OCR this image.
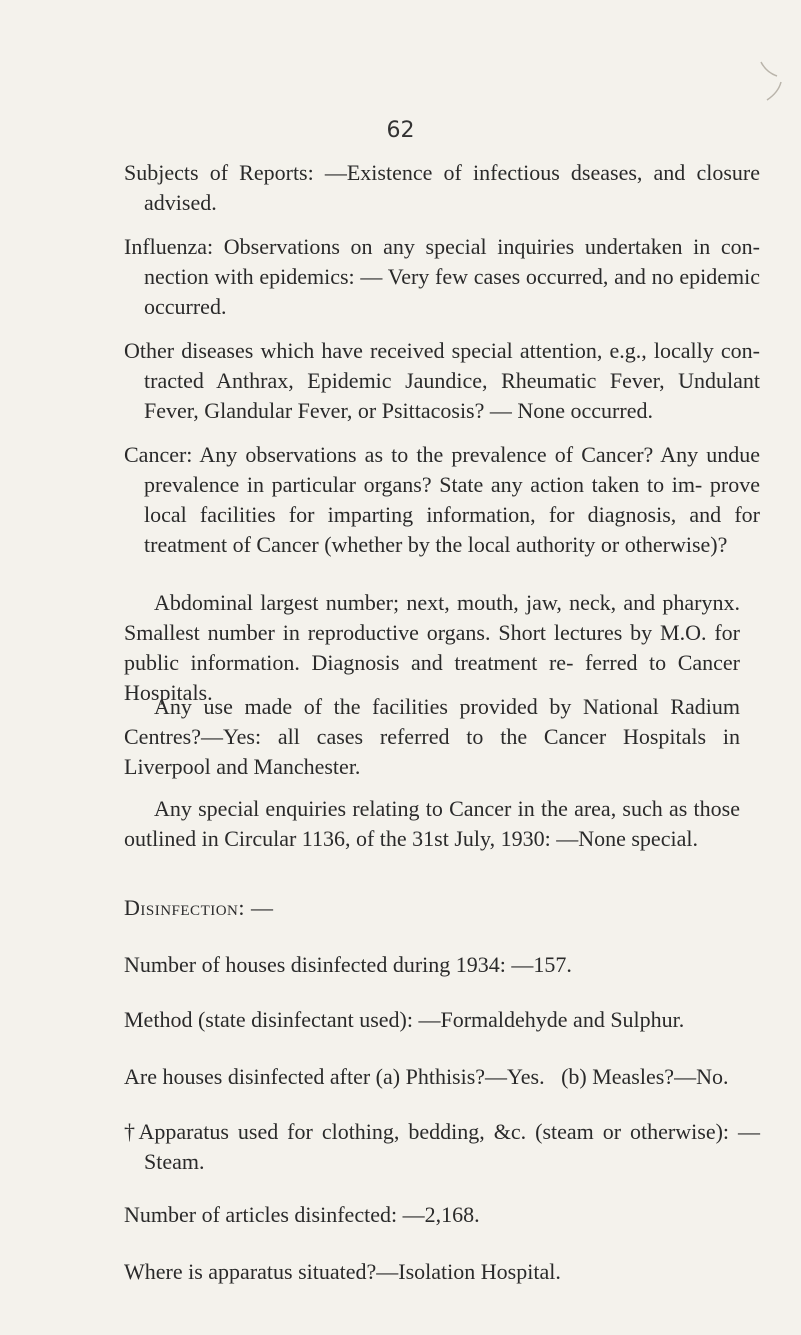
62

Subjects of Reports: —Existence of infectious dseases, and closure advised.

Influenza: Observations on any special inquiries undertaken in con- nection with epidemics: — Very few cases occurred, and no epidemic occurred.

Other diseases which have received special attention, e.g., locally con- tracted Anthrax, Epidemic Jaundice, Rheumatic Fever, Undulant Fever, Glandular Fever, or Psittacosis? — None occurred.

Cancer: Any observations as to the prevalence of Cancer? Any undue prevalence in particular organs? State any action taken to im- prove local facilities for imparting information, for diagnosis, and for treatment of Cancer (whether by the local authority or otherwise)?

Abdominal largest number; next, mouth, jaw, neck, and pharynx. Smallest number in reproductive organs. Short lectures by M.O. for public information. Diagnosis and treatment re- ferred to Cancer Hospitals.

Any use made of the facilities provided by National Radium Centres?—Yes: all cases referred to the Cancer Hospitals in Liverpool and Manchester.

Any special enquiries relating to Cancer in the area, such as those outlined in Circular 1136, of the 31st July, 1930: —None special.

Disinfection: —

Number of houses disinfected during 1934: —157.

Method (state disinfectant used): —Formaldehyde and Sulphur.

Are houses disinfected after (a) Phthisis?—Yes.   (b) Measles?—No.

†Apparatus used for clothing, bedding, &c. (steam or otherwise): — Steam.

Number of articles disinfected: —2,168.

Where is apparatus situated?—Isolation Hospital.
